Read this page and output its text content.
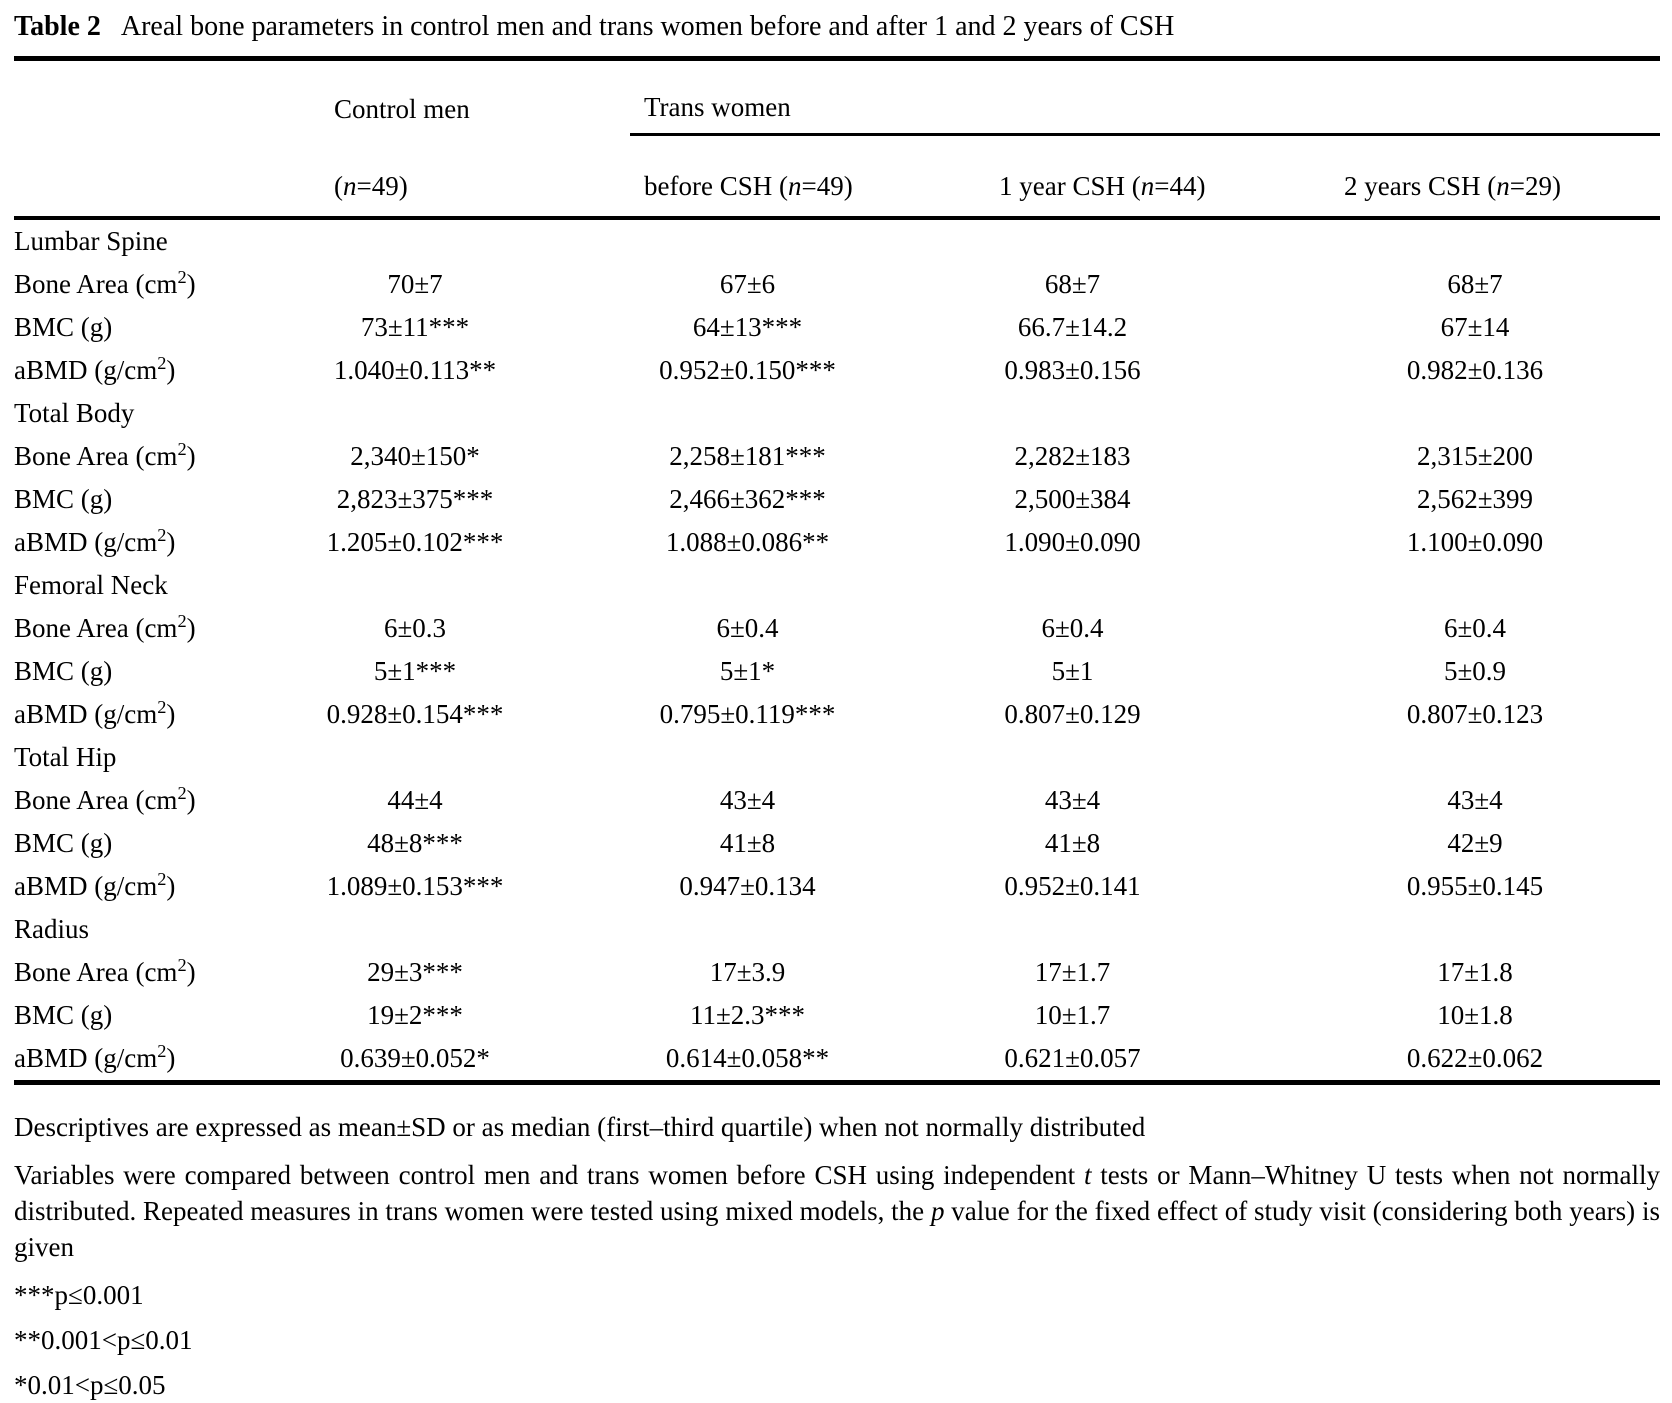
Table 2 Areal bone parameters in control men and trans women before and after 1 and 2 years of CSH
	Control men	Trans women		
	(n=49)	before CSH (n=49)	1 year CSH (n=44)	2 years CSH (n=29)
Lumbar Spine				
Bone Area $(cm^2)$	70±7	67±6	68±7	68±7
BMC (g)	73±11***	64±13***	66.7±14.2	67±14
aBMD $(g/cm^2)$	1.040±0.113**	0.952±0.150***	0.983±0.156	0.982±0.136
Total Body				
Bone Area $(cm^2)$	2,340±150*	2,258±181***	2,282±183	2,315±200
BMC (g)	2,823±375***	2,466±362***	2,500±384	2,562±399
aBMD $(g/cm^2)$	1.205±0.102***	1.088±0.086**	1.090±0.090	1.100±0.090
Femoral Neck				
Bone Area $(cm^2)$	6±0.3	6±0.4	6±0.4	6±0.4
BMC (g)	5±1***	5±1*	5±1	5±0.9
aBMD $(g/cm^2)$	0.928±0.154***	0.795±0.119***	0.807±0.129	0.807±0.123
Total Hip				
Bone Area $(cm^2)$	44±4	43±4	43±4	43±4
BMC (g)	48±8***	41±8	41±8	42±9
aBMD $(g/cm^2)$	1.089±0.153***	0.947±0.134	0.952±0.141	0.955±0.145
Radius				
Bone Area $(cm^2)$	29±3***	17±3.9	17±1.7	17±1.8
BMC (g)	19±2***	11±2.3***	10±1.7	10±1.8
aBMD $(g/cm^2)$	0.639±0.052*	0.614±0.058**	0.621±0.057	0.622±0.062

Descriptives are expressed as mean±SD or as median (first–third quartile) when not normally distributed

Variables were compared between control men and trans women before CSH using independent t tests or Mann–Whitney U tests when not normally distributed. Repeated measures in trans women were tested using mixed models, the p value for the fixed effect of study visit (considering both years) is given

***p≤0.001

**0.001<p≤0.01

*0.01<p≤0.05
